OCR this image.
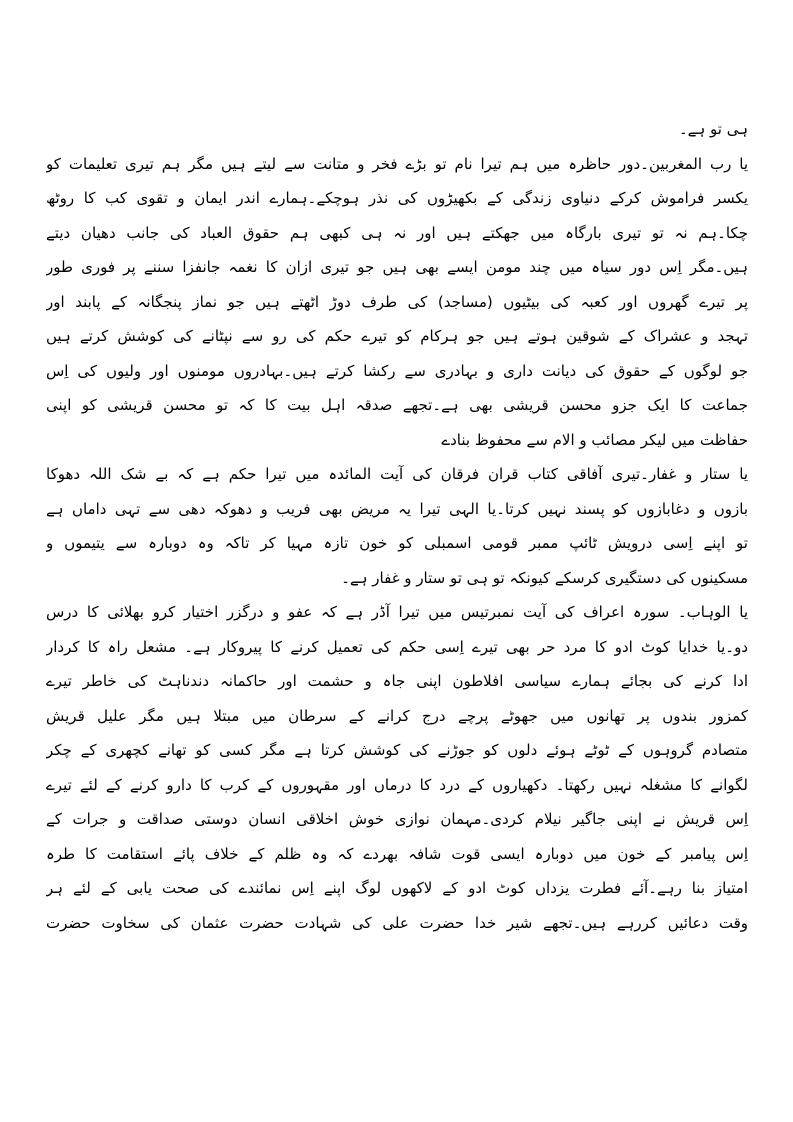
ہی تو ہے۔
یا رب المغربین۔دور حاظرہ میں ہم تیرا نام تو بڑے فخر و متانت سے لیتے ہیں مگر ہم تیری تعلیمات کو
یکسر فراموش کرکے دنیاوی زندگی کے بکھیڑوں کی نذر ہوچکے۔ہمارے اندر ایمان و تقوی کب کا روٹھ
چکا۔ہم نہ تو تیری بارگاہ میں جھکتے ہیں اور نہ ہی کبھی ہم حقوق العباد کی جانب دھیان دیتے
ہیں۔مگر اِس دور سیاہ میں چند مومن ایسے بھی ہیں جو تیری ازان کا نغمہ جانفزا سننے پر فوری طور
پر تیرے گھروں اور کعبہ کی بیٹیوں (مساجد) کی طرف دوڑ اٹھتے ہیں جو نماز پنجگانہ کے پابند اور
تہجد و عشراک کے شوقین ہوتے ہیں جو ہرکام کو تیرے حکم کی رو سے نپٹانے کی کوشش کرتے ہیں
جو لوگوں کے حقوق کی دیانت داری و بہادری سے رکشا کرتے ہیں۔بہادروں مومنوں اور ولیوں کی اِس
جماعت کا ایک جزو محسن قریشی بھی ہے۔تجھے صدقہ اہل بیت کا کہ تو محسن قریشی کو اپنی
حفاظت میں لیکر مصائب و الام سے محفوظ بنادے
یا ستار و غفار۔تیری آفاقی کتاب قران فرقان کی آیت المائدہ میں تیرا حکم ہے کہ بے شک اللہ دھوکا
بازوں و دغابازوں کو پسند نہیں کرتا۔یا الہی تیرا یہ مریض بھی فریب و دھوکہ دھی سے تہی داماں ہے
تو اپنے اِسی درویش ٹائپ ممبر قومی اسمبلی کو خون تازہ مہیا کر تاکہ وہ دوبارہ سے یتیموں و
مسکینوں کی دستگیری کرسکے کیونکہ تو ہی تو ستار و غفار ہے۔
یا الوہاب۔ سورہ اعراف کی آیت نمبرتیس میں تیرا آڈر ہے کہ عفو و درگزر اختیار کرو بھلائی کا درس
دو۔یا خدایا کوٹ ادو کا مرد حر بھی تیرے اِسی حکم کی تعمیل کرنے کا پیروکار ہے۔ مشعل راہ کا کردار
ادا کرنے کی بجائے ہمارے سیاسی افلاطون اپنی جاہ و حشمت اور حاکمانہ دندناہٹ کی خاطر تیرے
کمزور بندوں پر تھانوں میں جھوٹے پرچے درج کرانے کے سرطان میں مبتلا ہیں مگر علیل قریش
متصادم گروہوں کے ٹوٹے ہوئے دلوں کو جوڑنے کی کوشش کرتا ہے مگر کسی کو تھانے کچھری کے چکر
لگوانے کا مشغلہ نہیں رکھتا۔ دکھیاروں کے درد کا درماں اور مقہوروں کے کرب کا دارو کرنے کے لئے تیرے
اِس قریش نے اپنی جاگیر نیلام کردی۔مہمان نوازی خوش اخلاقی انسان دوستی صداقت و جرات کے
اِس پیامبر کے خون میں دوبارہ ایسی قوت شافہ بھردے کہ وہ ظلم کے خلاف پائے استقامت کا طرہ
امتیاز بنا رہے۔آئے فطرت یزداں کوٹ ادو کے لاکھوں لوگ اپنے اِس نمائندے کی صحت یابی کے لئے ہر
وقت دعائیں کررہے ہیں۔تجھے شیر خدا حضرت علی کی شہادت حضرت عثمان کی سخاوت حضرت
